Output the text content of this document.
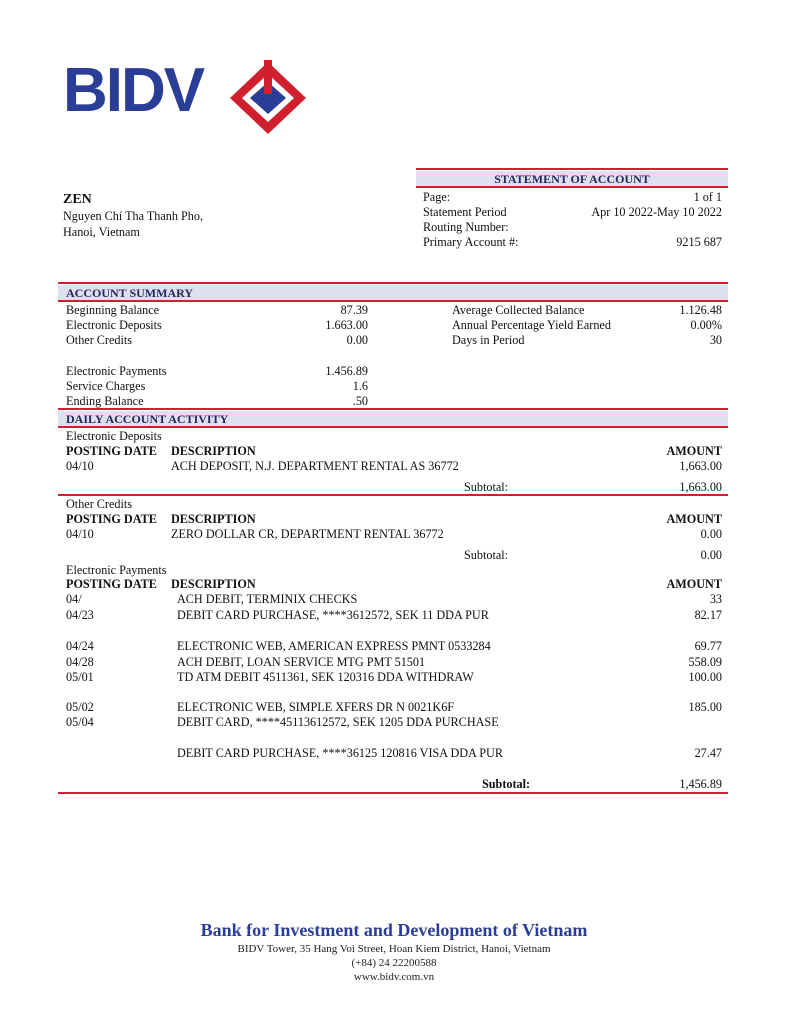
BIDV
ZEN
Nguyen Chí Tha Thanh Pho,
Hanoi, Vietnam
STATEMENT OF ACCOUNT
Page:	1 of 1
Statement Period	Apr 10 2022-May 10 2022
Routing Number:
Primary Account #:	9215 687
ACCOUNT SUMMARY
Beginning Balance	87.39
Electronic Deposits	1.663.00
Other Credits	0.00
Electronic Payments	1.456.89
Service Charges	1.6
Ending Balance	.50
Average Collected Balance	1.126.48
Annual Percentage Yield Earned	0.00%
Days in Period	30
DAILY ACCOUNT ACTIVITY
Electronic Deposits
POSTING DATE DESCRIPTION	AMOUNT
04/10	ACH DEPOSIT, N.J. DEPARTMENT RENTAL AS 36772	1,663.00
Subtotal:	1,663.00
Other Credits
POSTING DATE DESCRIPTION	AMOUNT
04/10	ZERO DOLLAR CR, DEPARTMENT RENTAL 36772	0.00
Subtotal:	0.00
Electronic Payments
POSTING DATE DESCRIPTION	AMOUNT
04/	ACH DEBIT, TERMINIX CHECKS	33
04/23	DEBIT CARD PURCHASE, ****3612572, SEK 11 DDA PUR	82.17
04/24	ELECTRONIC WEB, AMERICAN EXPRESS PMNT 0533284	69.77
04/28	ACH DEBIT, LOAN SERVICE MTG PMT 51501	558.09
05/01	TD ATM DEBIT 4511361, SEK 120316 DDA WITHDRAW	100.00
05/02	ELECTRONIC WEB, SIMPLE XFERS DR N 0021K6F	185.00
05/04	DEBIT CARD, ****45113612572, SEK 1205 DDA PURCHASE
DEBIT CARD PURCHASE, ****36125 120816 VISA DDA PUR	27.47
Subtotal:	1,456.89
Bank for Investment and Development of Vietnam
BIDV Tower, 35 Hang Voi Street, Hoan Kiem District, Hanoi, Vietnam
(+84) 24 22200588
www.bidv.com.vn
